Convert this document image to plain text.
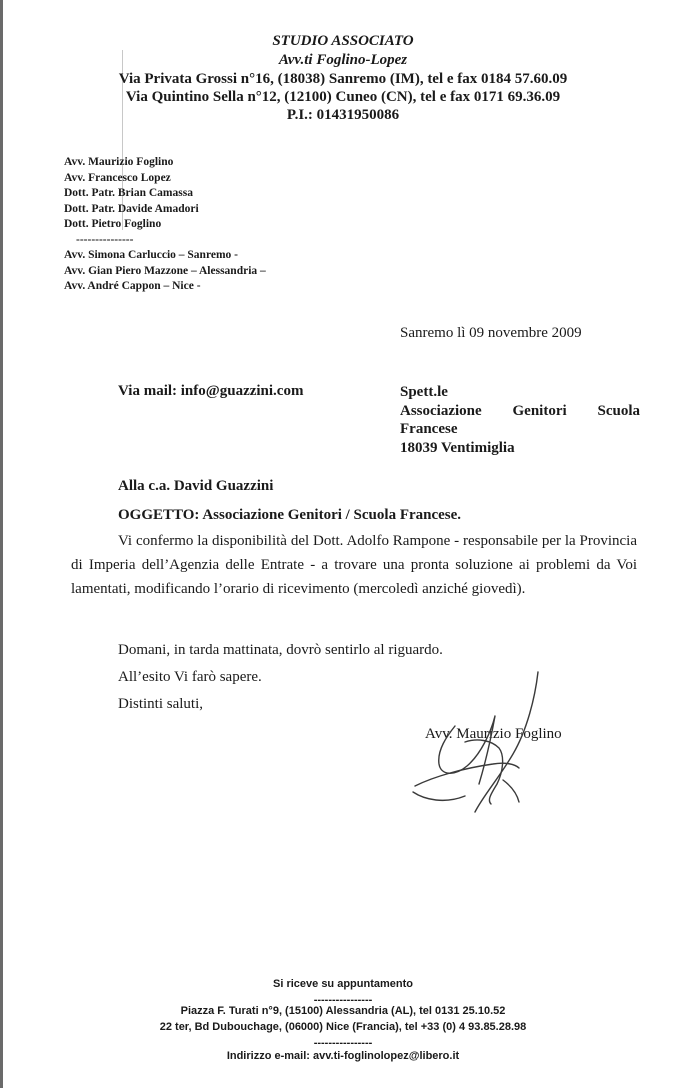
STUDIO ASSOCIATO
Avv.ti Foglino-Lopez
Via Privata Grossi n°16, (18038) Sanremo (IM), tel e fax 0184 57.60.09
Via Quintino Sella n°12, (12100) Cuneo (CN), tel e fax 0171 69.36.09
P.I.: 01431950086
Avv. Maurizio Foglino
Avv. Francesco Lopez
Dott. Patr. Brian Camassa
Dott. Patr. Davide Amadori
Dott. Pietro Foglino
---------------
Avv. Simona Carluccio – Sanremo -
Avv. Gian Piero Mazzone – Alessandria –
Avv. André Cappon – Nice -
Sanremo lì 09 novembre 2009
Via mail: info@guazzini.com	Spett.le
Associazione Genitori Scuola
Francese
18039 Ventimiglia
Alla c.a. David Guazzini
OGGETTO: Associazione Genitori / Scuola Francese.
Vi confermo la disponibilità del Dott. Adolfo Rampone - responsabile per la Provincia di Imperia dell’Agenzia delle Entrate - a trovare una pronta soluzione ai problemi da Voi lamentati, modificando l’orario di ricevimento (mercoledì anziché giovedì).
Domani, in tarda mattinata, dovrò sentirlo al riguardo.
All’esito Vi farò sapere.
Distinti saluti,
Avv. Maurizio Foglino
Si riceve su appuntamento
----------------
Piazza F. Turati n°9, (15100) Alessandria (AL), tel 0131 25.10.52
22 ter, Bd Dubouchage, (06000) Nice (Francia), tel +33 (0) 4 93.85.28.98
----------------
Indirizzo e-mail: avv.ti-foglinolopez@libero.it
